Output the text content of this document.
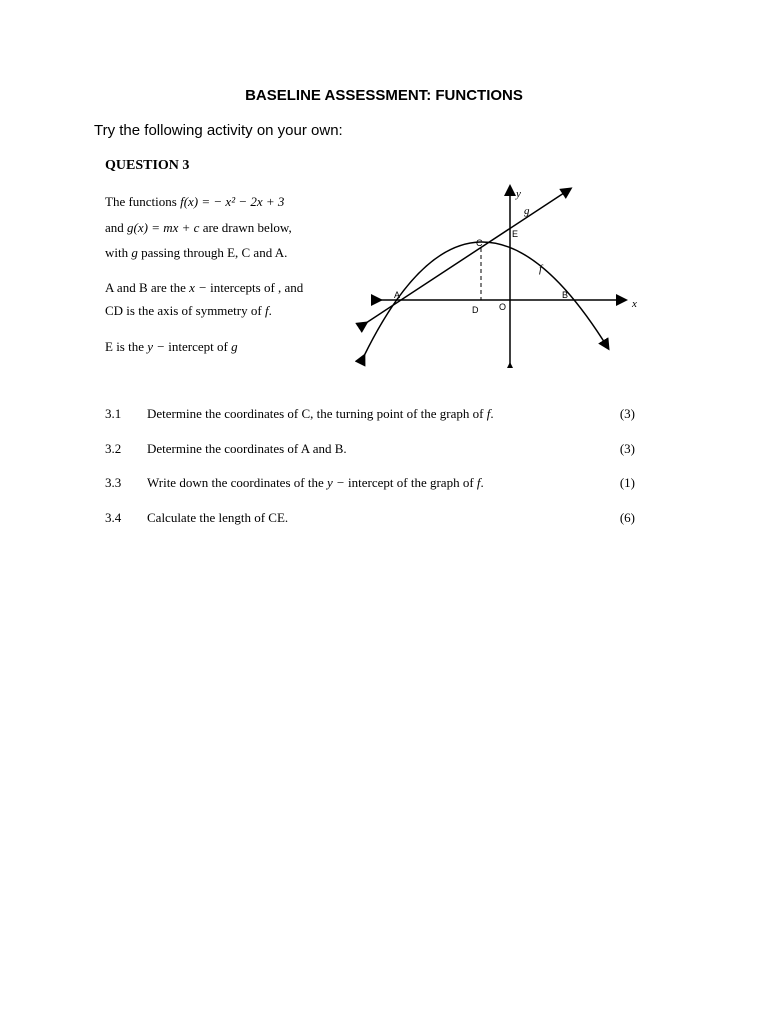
BASELINE ASSESSMENT: FUNCTIONS
Try the following activity on your own:
QUESTION 3
The functions f(x) = − x² − 2x + 3
and g(x) = mx + c are drawn below,
with g passing through E, C and A.
A and B are the x − intercepts of , and
CD is the axis of symmetry of f.
E is the y − intercept of g
y
g
C
E
f
A	B
D O	x
3.1 Determine the coordinates of C, the turning point of the graph of f.	(3)
3.2 Determine the coordinates of A and B.	(3)
3.3 Write down the coordinates of the y − intercept of the graph of f.	(1)
3.4 Calculate the length of CE.	(6)
